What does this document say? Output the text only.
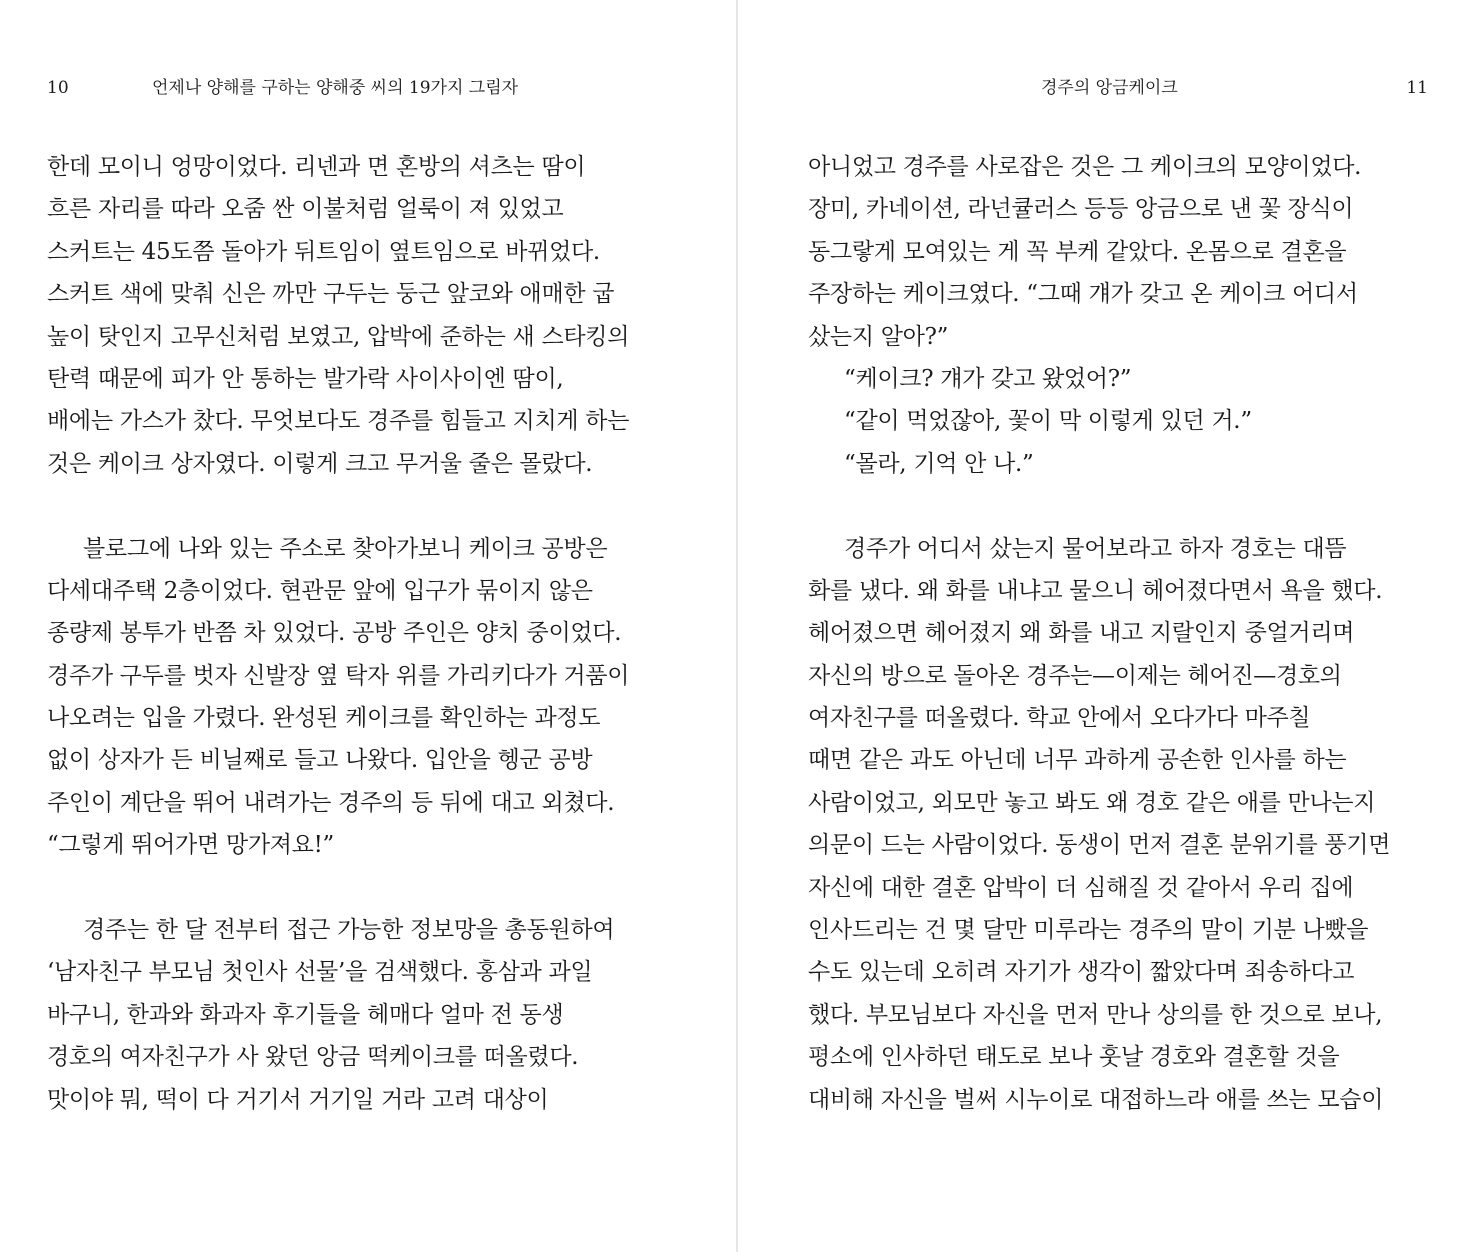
10	언제나 양해를 구하는 양해중 씨의 19가지 그림자
한데 모이니 엉망이었다. 리넨과 면 혼방의 셔츠는 땀이
흐른 자리를 따라 오줌 싼 이불처럼 얼룩이 져 있었고
스커트는 45도쯤 돌아가 뒤트임이 옆트임으로 바뀌었다.
스커트 색에 맞춰 신은 까만 구두는 둥근 앞코와 애매한 굽
높이 탓인지 고무신처럼 보였고, 압박에 준하는 새 스타킹의
탄력 때문에 피가 안 통하는 발가락 사이사이엔 땀이,
배에는 가스가 찼다. 무엇보다도 경주를 힘들고 지치게 하는
것은 케이크 상자였다. 이렇게 크고 무거울 줄은 몰랐다.
블로그에 나와 있는 주소로 찾아가보니 케이크 공방은
다세대주택 2층이었다. 현관문 앞에 입구가 묶이지 않은
종량제 봉투가 반쯤 차 있었다. 공방 주인은 양치 중이었다.
경주가 구두를 벗자 신발장 옆 탁자 위를 가리키다가 거품이
나오려는 입을 가렸다. 완성된 케이크를 확인하는 과정도
없이 상자가 든 비닐째로 들고 나왔다. 입안을 헹군 공방
주인이 계단을 뛰어 내려가는 경주의 등 뒤에 대고 외쳤다.
“그렇게 뛰어가면 망가져요!”
경주는 한 달 전부터 접근 가능한 정보망을 총동원하여
‘남자친구 부모님 첫인사 선물’을 검색했다. 홍삼과 과일
바구니, 한과와 화과자 후기들을 헤매다 얼마 전 동생
경호의 여자친구가 사 왔던 앙금 떡케이크를 떠올렸다.
맛이야 뭐, 떡이 다 거기서 거기일 거라 고려 대상이
경주의 앙금케이크	11
아니었고 경주를 사로잡은 것은 그 케이크의 모양이었다.
장미, 카네이션, 라넌큘러스 등등 앙금으로 낸 꽃 장식이
동그랗게 모여있는 게 꼭 부케 같았다. 온몸으로 결혼을
주장하는 케이크였다. “그때 걔가 갖고 온 케이크 어디서
샀는지 알아?”
“케이크? 걔가 갖고 왔었어?”
“같이 먹었잖아, 꽃이 막 이렇게 있던 거.”
“몰라, 기억 안 나.”
경주가 어디서 샀는지 물어보라고 하자 경호는 대뜸
화를 냈다. 왜 화를 내냐고 물으니 헤어졌다면서 욕을 했다.
헤어졌으면 헤어졌지 왜 화를 내고 지랄인지 중얼거리며
자신의 방으로 돌아온 경주는—이제는 헤어진—경호의
여자친구를 떠올렸다. 학교 안에서 오다가다 마주칠
때면 같은 과도 아닌데 너무 과하게 공손한 인사를 하는
사람이었고, 외모만 놓고 봐도 왜 경호 같은 애를 만나는지
의문이 드는 사람이었다. 동생이 먼저 결혼 분위기를 풍기면
자신에 대한 결혼 압박이 더 심해질 것 같아서 우리 집에
인사드리는 건 몇 달만 미루라는 경주의 말이 기분 나빴을
수도 있는데 오히려 자기가 생각이 짧았다며 죄송하다고
했다. 부모님보다 자신을 먼저 만나 상의를 한 것으로 보나,
평소에 인사하던 태도로 보나 훗날 경호와 결혼할 것을
대비해 자신을 벌써 시누이로 대접하느라 애를 쓰는 모습이
